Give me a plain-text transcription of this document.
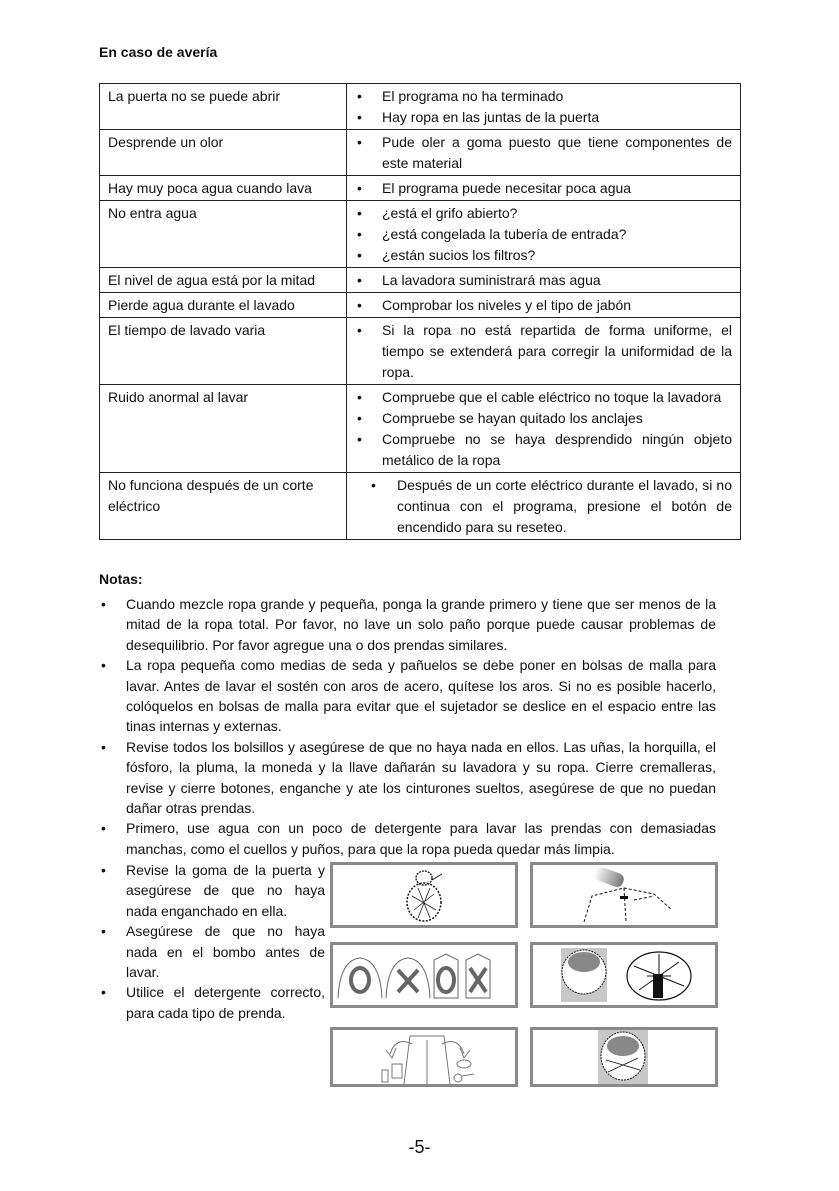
En caso de avería
La puerta no se puede abrir	
•El programa no ha terminado
• Hay ropa en las juntas de la puerta

Desprende un olor	
•Pude oler a goma puesto que tiene componentes de este material

Hay muy poca agua cuando lava	
•El programa puede necesitar poca agua

No entra agua	
•¿está el grifo abierto?
• ¿está congelada la tubería de entrada?
• ¿están sucios los filtros?

El nivel de agua está por la mitad	
•La lavadora suministrará mas agua

Pierde agua durante el lavado	
•Comprobar los niveles y el tipo de jabón

El tiempo de lavado varia	
•Si la ropa no está repartida de forma uniforme, el tiempo se extenderá para corregir la uniformidad de la ropa.

Ruido anormal al lavar	
•Compruebe que el cable eléctrico no toque la lavadora
• Compruebe se hayan quitado los anclajes
• Compruebe no se haya desprendido ningún objeto metálico de la ropa

No funciona después de un corte eléctrico	
• Después de un corte eléctrico durante el lavado, si no continua con el programa, presione el botón de encendido para su reseteo.
Notas:
• Cuando mezcle ropa grande y pequeña, ponga la grande primero y tiene que ser menos de la mitad de la ropa total. Por favor, no lave un solo paño porque puede causar problemas de desequilibrio. Por favor agregue una o dos prendas similares.
• La ropa pequeña como medias de seda y pañuelos se debe poner en bolsas de malla para lavar. Antes de lavar el sostén con aros de acero, quítese los aros. Si no es posible hacerlo, colóquelos en bolsas de malla para evitar que el sujetador se deslice en el espacio entre las tinas internas y externas.
• Revise todos los bolsillos y asegúrese de que no haya nada en ellos. Las uñas, la horquilla, el fósforo, la pluma, la moneda y la llave dañarán su lavadora y su ropa. Cierre cremalleras, revise y cierre botones, enganche y ate los cinturones sueltos, asegúrese de que no puedan dañar otras prendas.
• Primero, use agua con un poco de detergente para lavar las prendas con demasiadas manchas, como el cuellos y puños, para que la ropa pueda quedar más limpia.
• Revise la goma de la puerta y asegúrese de que no haya nada enganchado en ella.
• Asegúrese de que no haya nada en el bombo antes de lavar.
• Utilice el detergente correcto, para cada tipo de prenda.
-5-
